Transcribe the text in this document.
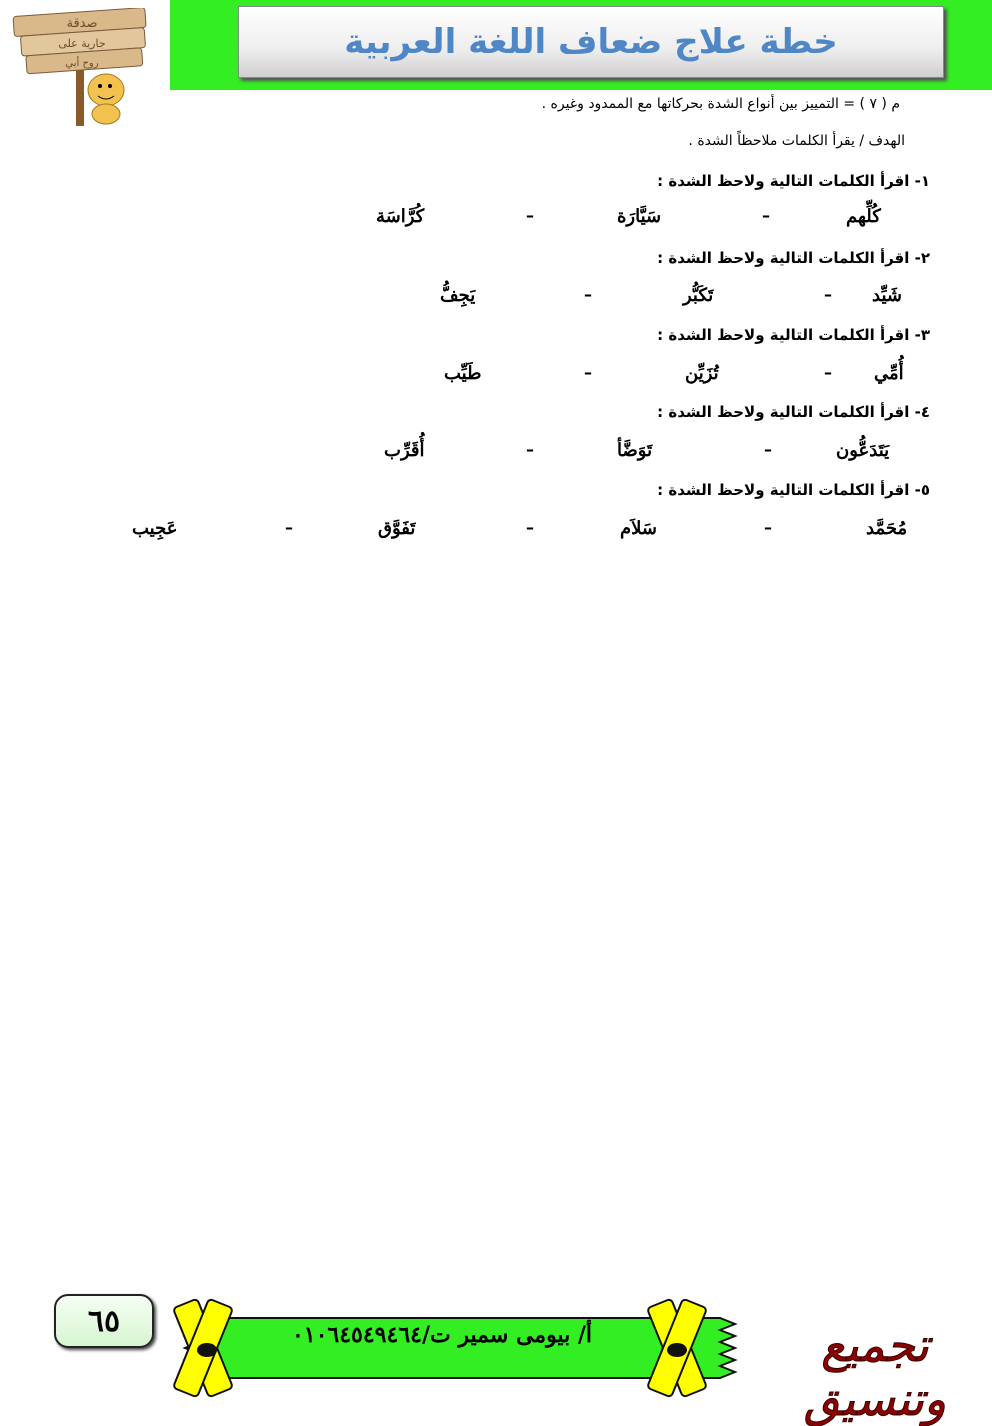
خطة علاج ضعاف اللغة العربية
صدقة
جارية على
روح أبي
م ( ٧ ) = التمييز بين أنواع الشدة بحركاتها مع الممدود وغيره .
الهدف / يقرأ الكلمات ملاحظاً الشدة .
١- اقرأ الكلمات التالية ولاحظ الشدة :
كُلِّهم
–
سَيَّارَة
–
كُرَّاسَة
٢- اقرأ الكلمات التالية ولاحظ الشدة :
شَيِّد
–
تَكَبُّر
–
يَجِفُّ
٣- اقرأ الكلمات التالية ولاحظ الشدة :
أُمِّي
–
تُزَيِّن
–
طَيِّب
٤- اقرأ الكلمات التالية ولاحظ الشدة :
يَتَدَعُّون
–
تَوَضَّأ
–
أُقَرِّب
٥- اقرأ الكلمات التالية ولاحظ الشدة :
مُحَمَّد
–
سَلاَم
–
تَفَوَّق
–
عَجِيب
٦٥	أ/ بيومى سمير ت/٠١٠٦٤٥٤٩٤٦٤	تجميع وتنسيق
